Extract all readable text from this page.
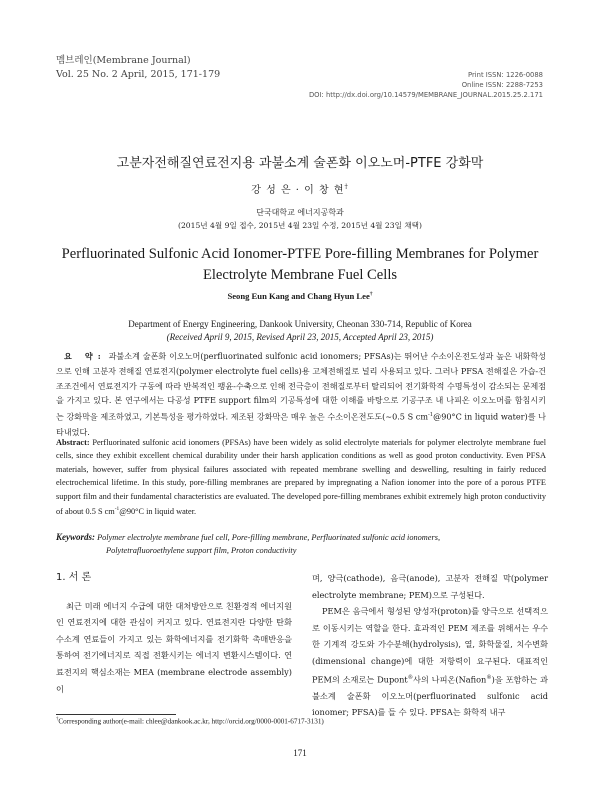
멤브레인(Membrane Journal)
Vol. 25 No. 2 April, 2015, 171-179	Print ISSN: 1226-0088
Online ISSN: 2288-7253
DOI: http://dx.doi.org/10.14579/MEMBRANE_JOURNAL.2015.25.2.171
고분자전해질연료전지용 과불소계 술폰화 이오노머-PTFE 강화막
강 성 은 · 이 창 현†
단국대학교 에너지공학과
(2015년 4월 9일 접수, 2015년 4월 23일 수정, 2015년 4월 23일 채택)
Perfluorinated Sulfonic Acid Ionomer-PTFE Pore-filling Membranes for Polymer Electrolyte Membrane Fuel Cells
Seong Eun Kang and Chang Hyun Lee†
Department of Energy Engineering, Dankook University, Cheonan 330-714, Republic of Korea
(Received April 9, 2015, Revised April 23, 2015, Accepted April 23, 2015)
요 약: 과불소계 술폰화 이오노머(perfluorinated sulfonic acid ionomers; PFSAs)는 뛰어난 수소이온전도성과 높은 내화학성으로 인해 고분자 전해질 연료전지(polymer electrolyte fuel cells)용 고체전해질로 널리 사용되고 있다. 그러나 PFSA 전해질은 가습-건조조건에서 연료전지가 구동에 따라 반복적인 팽윤-수축으로 인해 전극층이 전해질로부터 탈리되어 전기화학적 수명특성이 감소되는 문제점을 가지고 있다. 본 연구에서는 다공성 PTFE support film의 기공특성에 대한 이해를 바탕으로 기공구조 내 나피온 이오노머를 함침시키는 강화막을 제조하였고, 기본특성을 평가하였다. 제조된 강화막은 매우 높은 수소이온전도도(~0.5 S $cm^{-1}@90^\circ C$ in liquid water)를 나타내었다.
Abstract: Perfluorinated sulfonic acid ionomers (PFSAs) have been widely as solid electrolyte materials for polymer electrolyte membrane fuel cells, since they exhibit excellent chemical durability under their harsh application conditions as well as good proton conductivity. Even PFSA materials, however, suffer from physical failures associated with repeated membrane swelling and deswelling, resulting in fairly reduced electrochemical lifetime. In this study, pore-filling membranes are prepared by impregnating a Nafion ionomer into the pore of a porous PTFE support film and their fundamental characteristics are evaluated. The developed pore-filling membranes exhibit extremely high proton conductivity of about 0.5 S $cm^{-1}@90^\circ C$ in liquid water.
Keywords: Polymer electrolyte membrane fuel cell, Pore-filling membrane, Perfluorinated sulfonic acid ionomers,
Polytetrafluoroethylene support film, Proton conductivity
1. 서 론

최근 미래 에너지 수급에 대한 대처방안으로 친환경적 에너지원인 연료전지에 대한 관심이 커지고 있다. 연료전지란 다양한 탄화수소계 연료들이 가지고 있는 화학에너지를 전기화학 촉매반응을 통하여 전기에너지로 직접 전환시키는 에너지 변환시스템이다. 연료전지의 핵심소재는 MEA (membrane electrode assembly)이

며, 양극(cathode), 음극(anode), 고분자 전해질 막(polymer electrolyte membrane; PEM)으로 구성된다.

PEM은 음극에서 형성된 양성자(proton)를 양극으로 선택적으로 이동시키는 역할을 한다. 효과적인 PEM 제조를 위해서는 우수한 기계적 강도와 가수분해(hydrolysis), 열, 화학물질, 치수변화(dimensional change)에 대한 저항력이 요구된다. 대표적인 PEM의 소재로는 Dupont®사의 나피온(Nafion®)을 포함하는 과불소계 술폰화 이오노머(perfluorinated sulfonic acid ionomer; PFSA)를 들 수 있다. PFSA는 화학적 내구

†Corresponding author(e-mail: chlee@dankook.ac.kr, http://orcid.org/0000-0001-6717-3131)
171
